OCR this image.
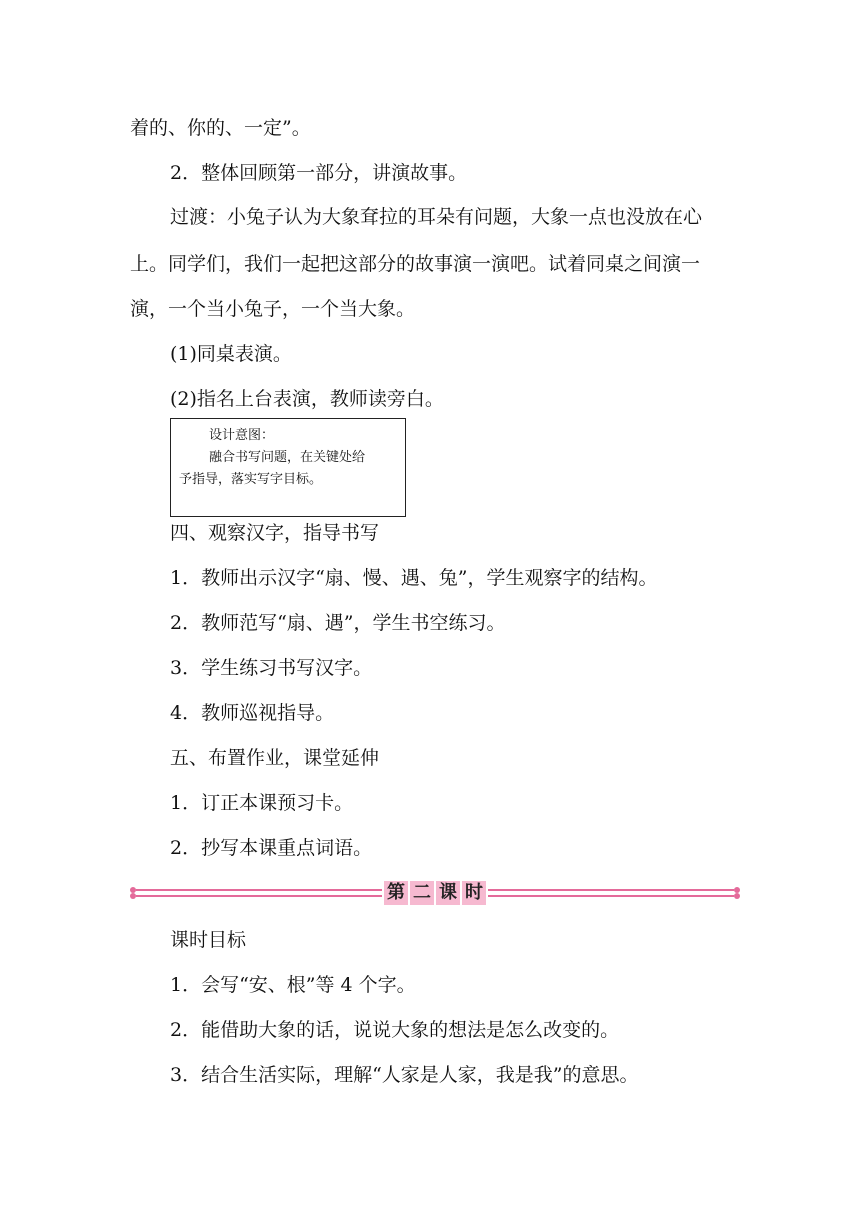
着的、你的、一定”。
2．整体回顾第一部分，讲演故事。
过渡：小兔子认为大象耷拉的耳朵有问题，大象一点也没放在心
上。同学们，我们一起把这部分的故事演一演吧。试着同桌之间演一
演，一个当小兔子，一个当大象。
(1)同桌表演。
(2)指名上台表演，教师读旁白。
设计意图：
融合书写问题，在关键处给
予指导，落实写字目标。
四、观察汉字，指导书写
1．教师出示汉字“扇、慢、遇、兔”，学生观察字的结构。
2．教师范写“扇、遇”，学生书空练习。
3．学生练习书写汉字。
4．教师巡视指导。
五、布置作业，课堂延伸
1．订正本课预习卡。
2．抄写本课重点词语。
第 二 课 时
课时目标
1．会写“安、根”等 4 个字。
2．能借助大象的话，说说大象的想法是怎么改变的。
3．结合生活实际，理解“人家是人家，我是我”的意思。
